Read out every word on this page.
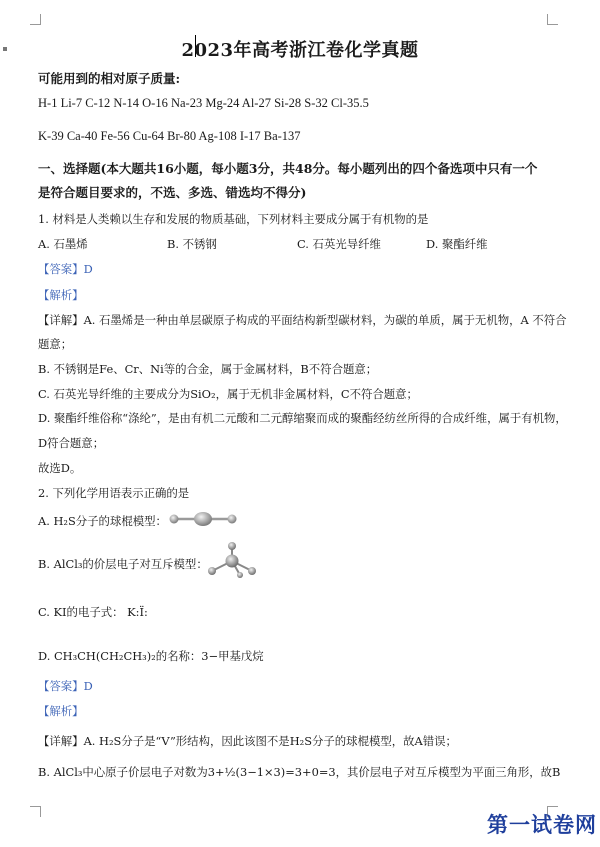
2023年高考浙江卷化学真题
可能用到的相对原子质量:
H-1 Li-7 C-12 N-14 O-16 Na-23 Mg-24 Al-27 Si-28 S-32 Cl-35.5
K-39 Ca-40 Fe-56 Cu-64 Br-80 Ag-108 I-17 Ba-137
一、选择题(本大题共16小题，每小题3分，共48分。每小题列出的四个备选项中只有一个
是符合题目要求的，不选、多选、错选均不得分)
1. 材料是人类赖以生存和发展的物质基础，下列材料主要成分属于有机物的是
A. 石墨烯	B. 不锈钢	C. 石英光导纤维	D. 聚酯纤维
【答案】D
【解析】
【详解】A. 石墨烯是一种由单层碳原子构成的平面结构新型碳材料，为碳的单质，属于无机物，A 不符合
题意；
B. 不锈钢是Fe、Cr、Ni等的合金，属于金属材料，B不符合题意；
C. 石英光导纤维的主要成分为SiO₂，属于无机非金属材料，C不符合题意；
D. 聚酯纤维俗称“涤纶”，是由有机二元酸和二元醇缩聚而成的聚酯经纺丝所得的合成纤维，属于有机物，
D符合题意；
故选D。
2. 下列化学用语表示正确的是
A. H₂S分子的球棍模型：
B. AlCl₃的价层电子对互斥模型：
C. KI的电子式： K:Ï:
D. CH₃CH(CH₂CH₃)₂的名称：3−甲基戊烷
【答案】D
【解析】
【详解】A. H₂S分子是“V”形结构，因此该图不是H₂S分子的球棍模型，故A错误；
B. AlCl₃中心原子价层电子对数为3+½(3−1×3)=3+0=3，其价层电子对互斥模型为平面三角形，故B
第一试卷网
